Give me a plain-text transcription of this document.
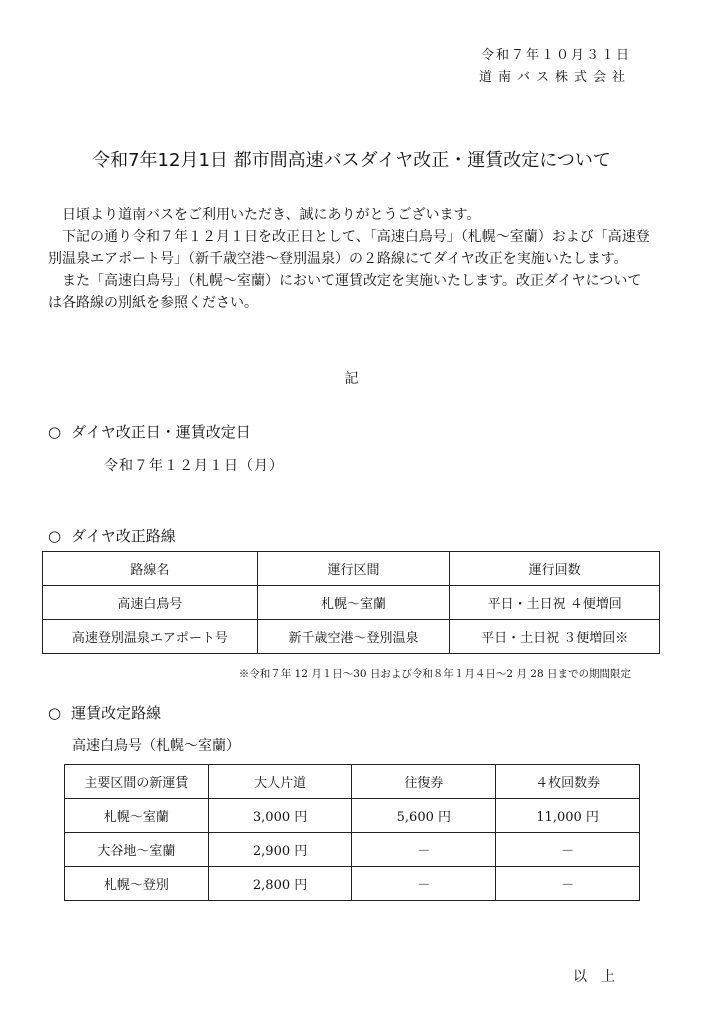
令和７年１０月３１日
道南バス株式会社
令和7年12月1日 都市間高速バスダイヤ改正・運賃改定について

日頃より道南バスをご利用いただき、誠にありがとうございます。

下記の通り令和７年１２月１日を改正日として、「高速白鳥号」（札幌～室蘭）および「高速登別温泉エアポート号」（新千歳空港～登別温泉）の２路線にてダイヤ改正を実施いたします。

また「高速白鳥号」（札幌～室蘭）において運賃改定を実施いたします。改正ダイヤについては各路線の別紙を参照ください。

記
○ ダイヤ改正日・運賃改定日
令和７年１２月１日（月）
○ ダイヤ改正路線
路線名	運行区間	運行回数
高速白鳥号	札幌～室蘭	平日・土日祝 ４便増回
高速登別温泉エアポート号	新千歳空港～登別温泉	平日・土日祝 ３便増回※
※令和７年 12 月１日～30 日および令和８年１月４日～2 月 28 日までの期間限定
○ 運賃改定路線
高速白鳥号（札幌～室蘭）
主要区間の新運賃	大人片道	往復券	４枚回数券
札幌～室蘭	3,000 円	5,600 円	11,000 円
大谷地～室蘭	2,900 円	－	－
札幌～登別	2,800 円	－	－
以上
